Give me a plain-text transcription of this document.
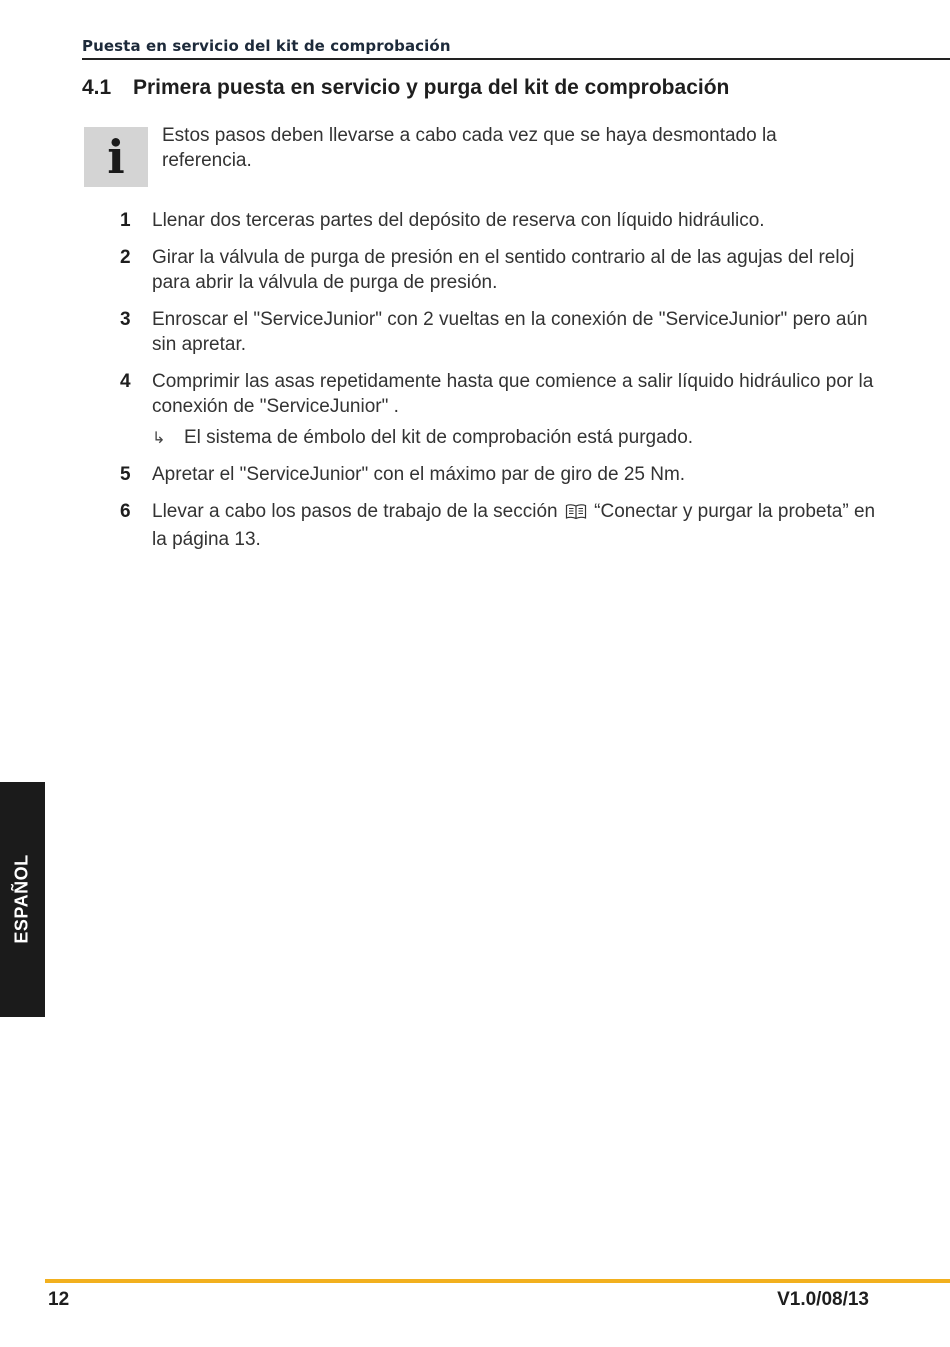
Puesta en servicio del kit de comprobación
4.1 Primera puesta en servicio y purga del kit de comprobación
i	Estos pasos deben llevarse a cabo cada vez que se haya desmontado la referencia.
1 Llenar dos terceras partes del depósito de reserva con líquido hidráulico.
2 Girar la válvula de purga de presión en el sentido contrario al de las agujas del reloj para abrir la válvula de purga de presión.
3 Enroscar el "ServiceJunior" con 2 vueltas en la conexión de "ServiceJunior" pero aún sin apretar.
4 Comprimir las asas repetidamente hasta que comience a salir líquido hidráulico por la conexión de "ServiceJunior" .
↳ El sistema de émbolo del kit de comprobación está purgado.
5 Apretar el "ServiceJunior" con el máximo par de giro de 25 Nm.
6 Llevar a cabo los pasos de trabajo de la sección “Conectar y purgar la probeta” en la página 13.
ESPAÑOL
12	V1.0/08/13
